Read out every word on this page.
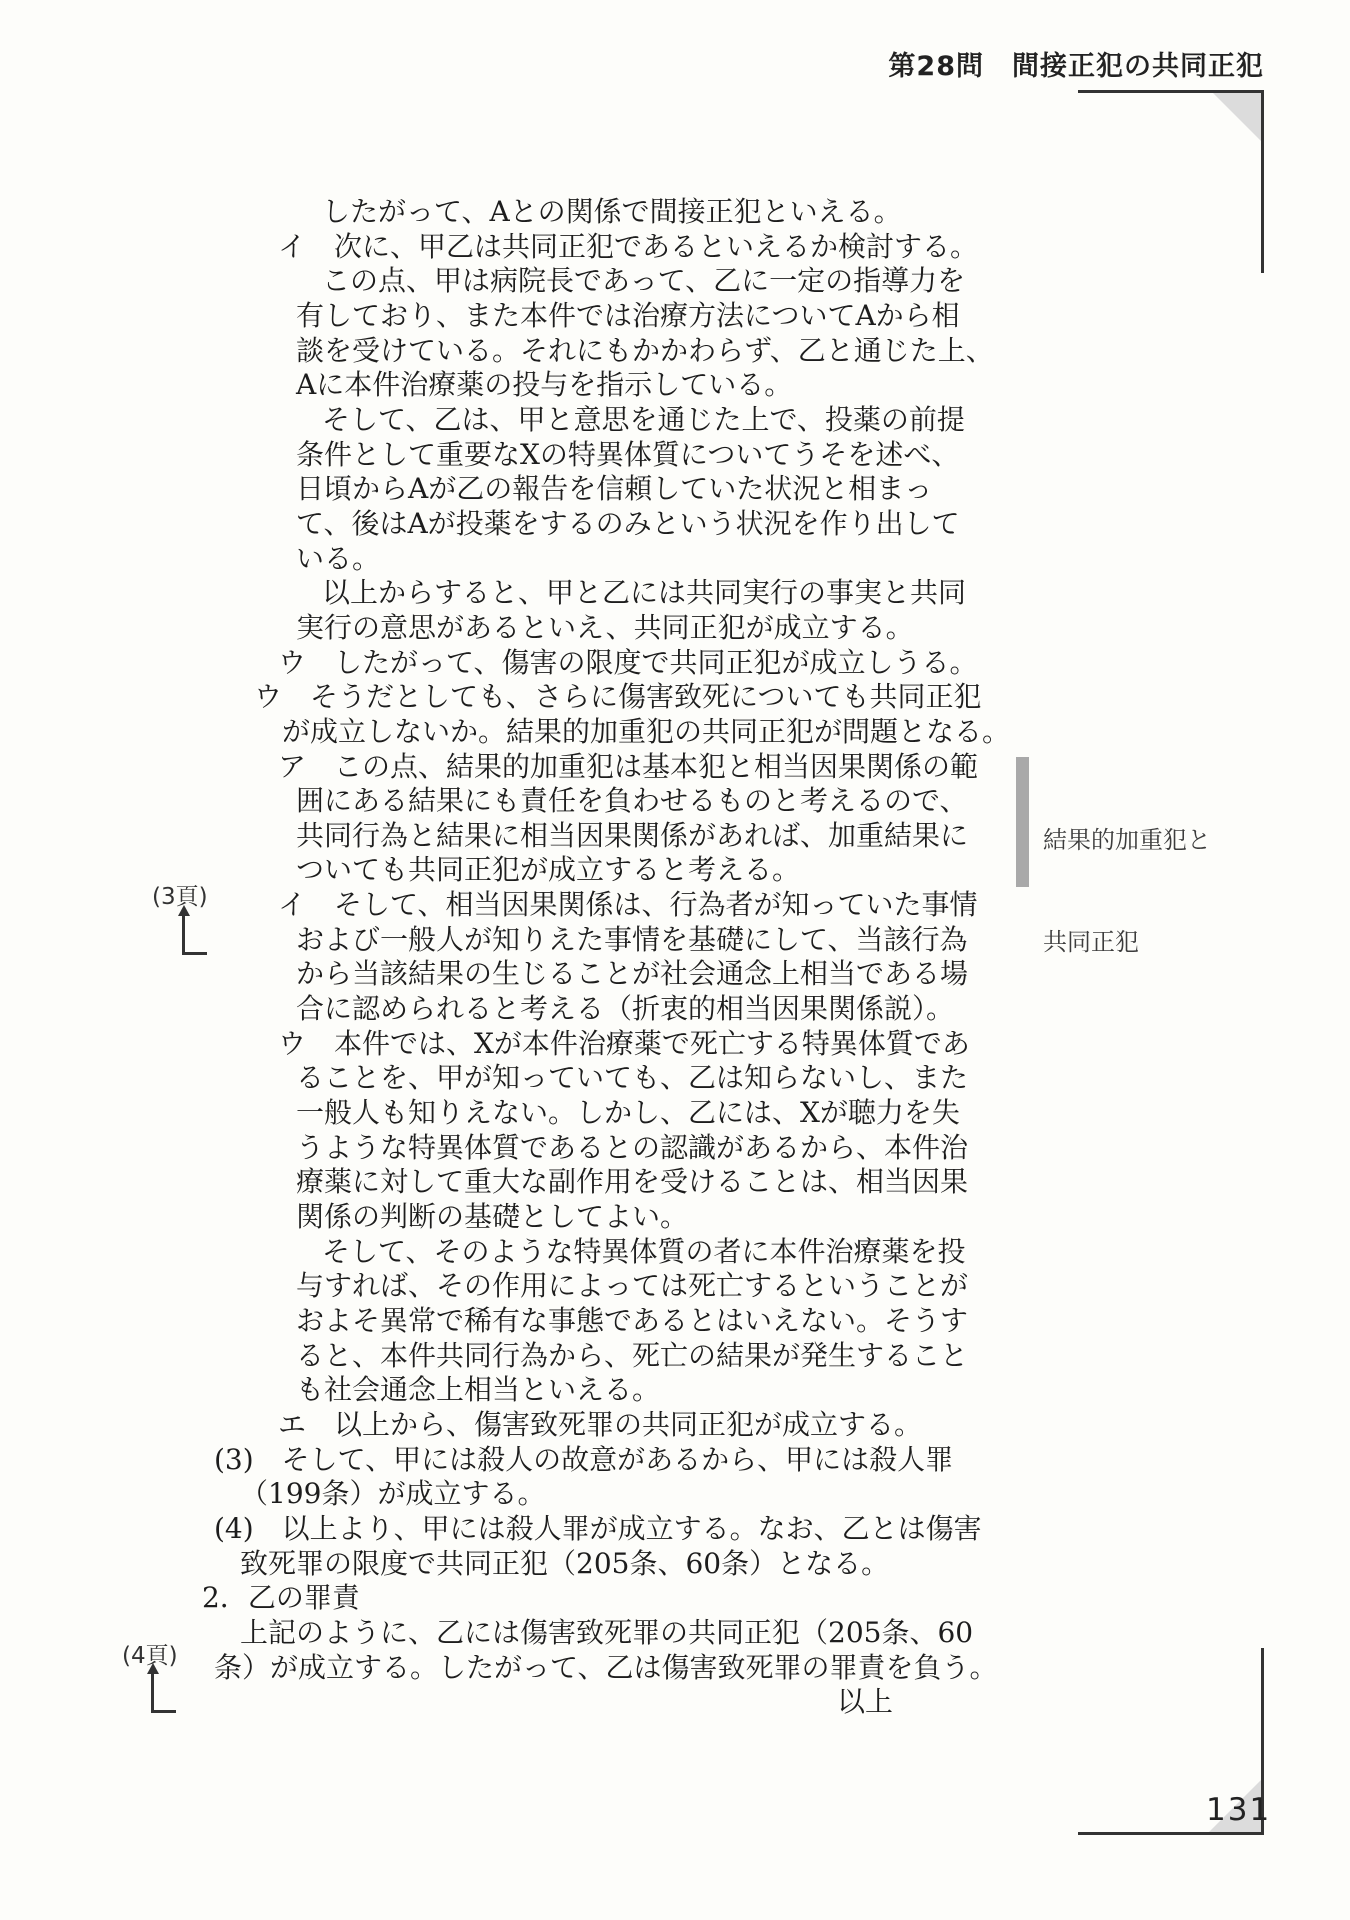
第28問　間接正犯の共同正犯
したがって、Aとの関係で間接正犯といえる。
イ　次に、甲乙は共同正犯であるといえるか検討する。
この点、甲は病院長であって、乙に一定の指導力を
有しており、また本件では治療方法についてAから相
談を受けている。それにもかかわらず、乙と通じた上、
Aに本件治療薬の投与を指示している。
そして、乙は、甲と意思を通じた上で、投薬の前提
条件として重要なXの特異体質についてうそを述べ、
日頃からAが乙の報告を信頼していた状況と相まっ
て、後はAが投薬をするのみという状況を作り出して
いる。
以上からすると、甲と乙には共同実行の事実と共同
実行の意思があるといえ、共同正犯が成立する。
ウ　したがって、傷害の限度で共同正犯が成立しうる。
ウ　そうだとしても、さらに傷害致死についても共同正犯
が成立しないか。結果的加重犯の共同正犯が問題となる。
ア　この点、結果的加重犯は基本犯と相当因果関係の範
囲にある結果にも責任を負わせるものと考えるので、
共同行為と結果に相当因果関係があれば、加重結果に
ついても共同正犯が成立すると考える。
イ　そして、相当因果関係は、行為者が知っていた事情
および一般人が知りえた事情を基礎にして、当該行為
から当該結果の生じることが社会通念上相当である場
合に認められると考える（折衷的相当因果関係説）。
ウ　本件では、Xが本件治療薬で死亡する特異体質であ
ることを、甲が知っていても、乙は知らないし、また
一般人も知りえない。しかし、乙には、Xが聴力を失
うような特異体質であるとの認識があるから、本件治
療薬に対して重大な副作用を受けることは、相当因果
関係の判断の基礎としてよい。
そして、そのような特異体質の者に本件治療薬を投
与すれば、その作用によっては死亡するということが
およそ異常で稀有な事態であるとはいえない。そうす
ると、本件共同行為から、死亡の結果が発生すること
も社会通念上相当といえる。
エ　以上から、傷害致死罪の共同正犯が成立する。
(3)　そして、甲には殺人の故意があるから、甲には殺人罪
（199条）が成立する。
(4)　以上より、甲には殺人罪が成立する。なお、乙とは傷害
致死罪の限度で共同正犯（205条、60条）となる。
2．乙の罪責
上記のように、乙には傷害致死罪の共同正犯（205条、60
条）が成立する。したがって、乙は傷害致死罪の罪責を負う。
以上

結果的加重犯と

共同正犯

(3頁)
(4頁)
131
